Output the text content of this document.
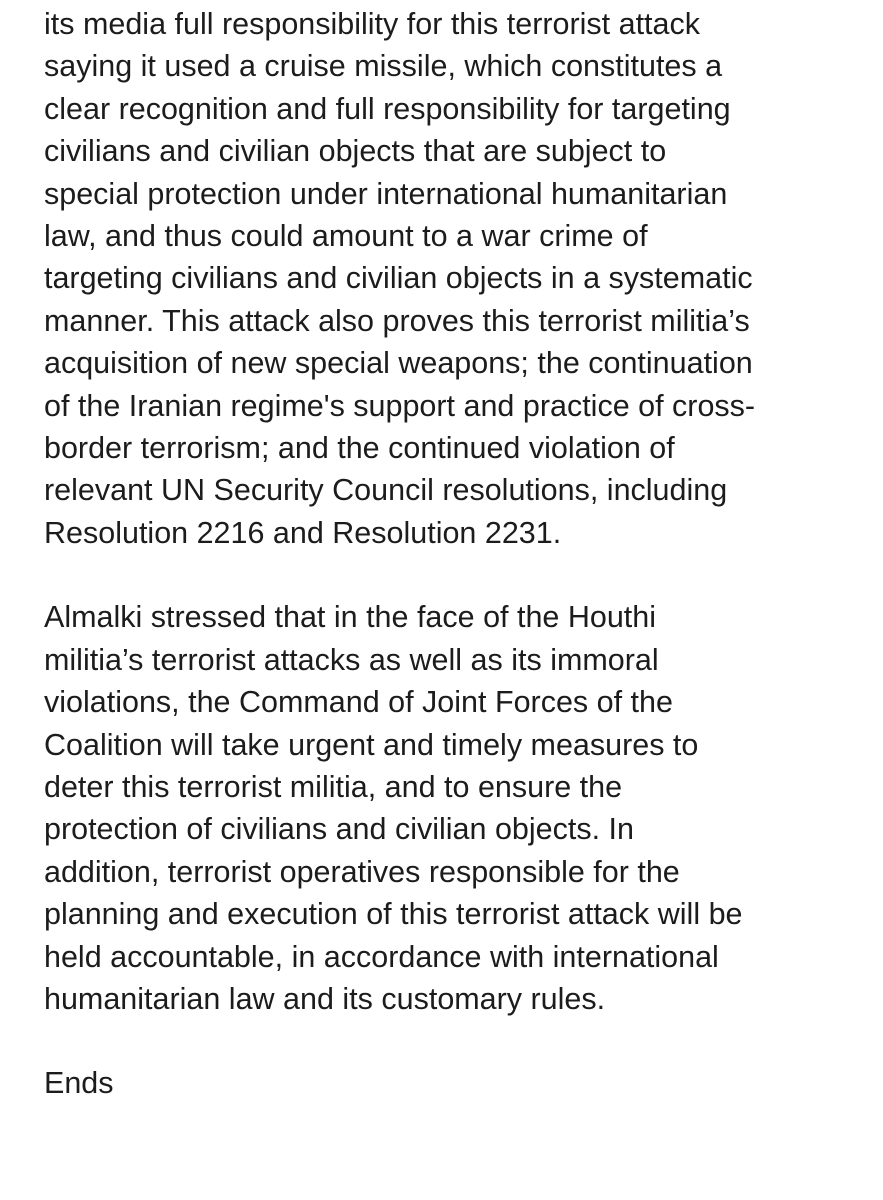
its media full responsibility for this terrorist attack
saying it used a cruise missile, which constitutes a
clear recognition and full responsibility for targeting
civilians and civilian objects that are subject to
special protection under international humanitarian
law, and thus could amount to a war crime of
targeting civilians and civilian objects in a systematic
manner. This attack also proves this terrorist militia’s
acquisition of new special weapons; the continuation
of the Iranian regime's support and practice of cross-
border terrorism; and the continued violation of
relevant UN Security Council resolutions, including
Resolution 2216 and Resolution 2231.

Almalki stressed that in the face of the Houthi
militia’s terrorist attacks as well as its immoral
violations, the Command of Joint Forces of the
Coalition will take urgent and timely measures to
deter this terrorist militia, and to ensure the
protection of civilians and civilian objects. In
addition, terrorist operatives responsible for the
planning and execution of this terrorist attack will be
held accountable, in accordance with international
humanitarian law and its customary rules.

Ends
